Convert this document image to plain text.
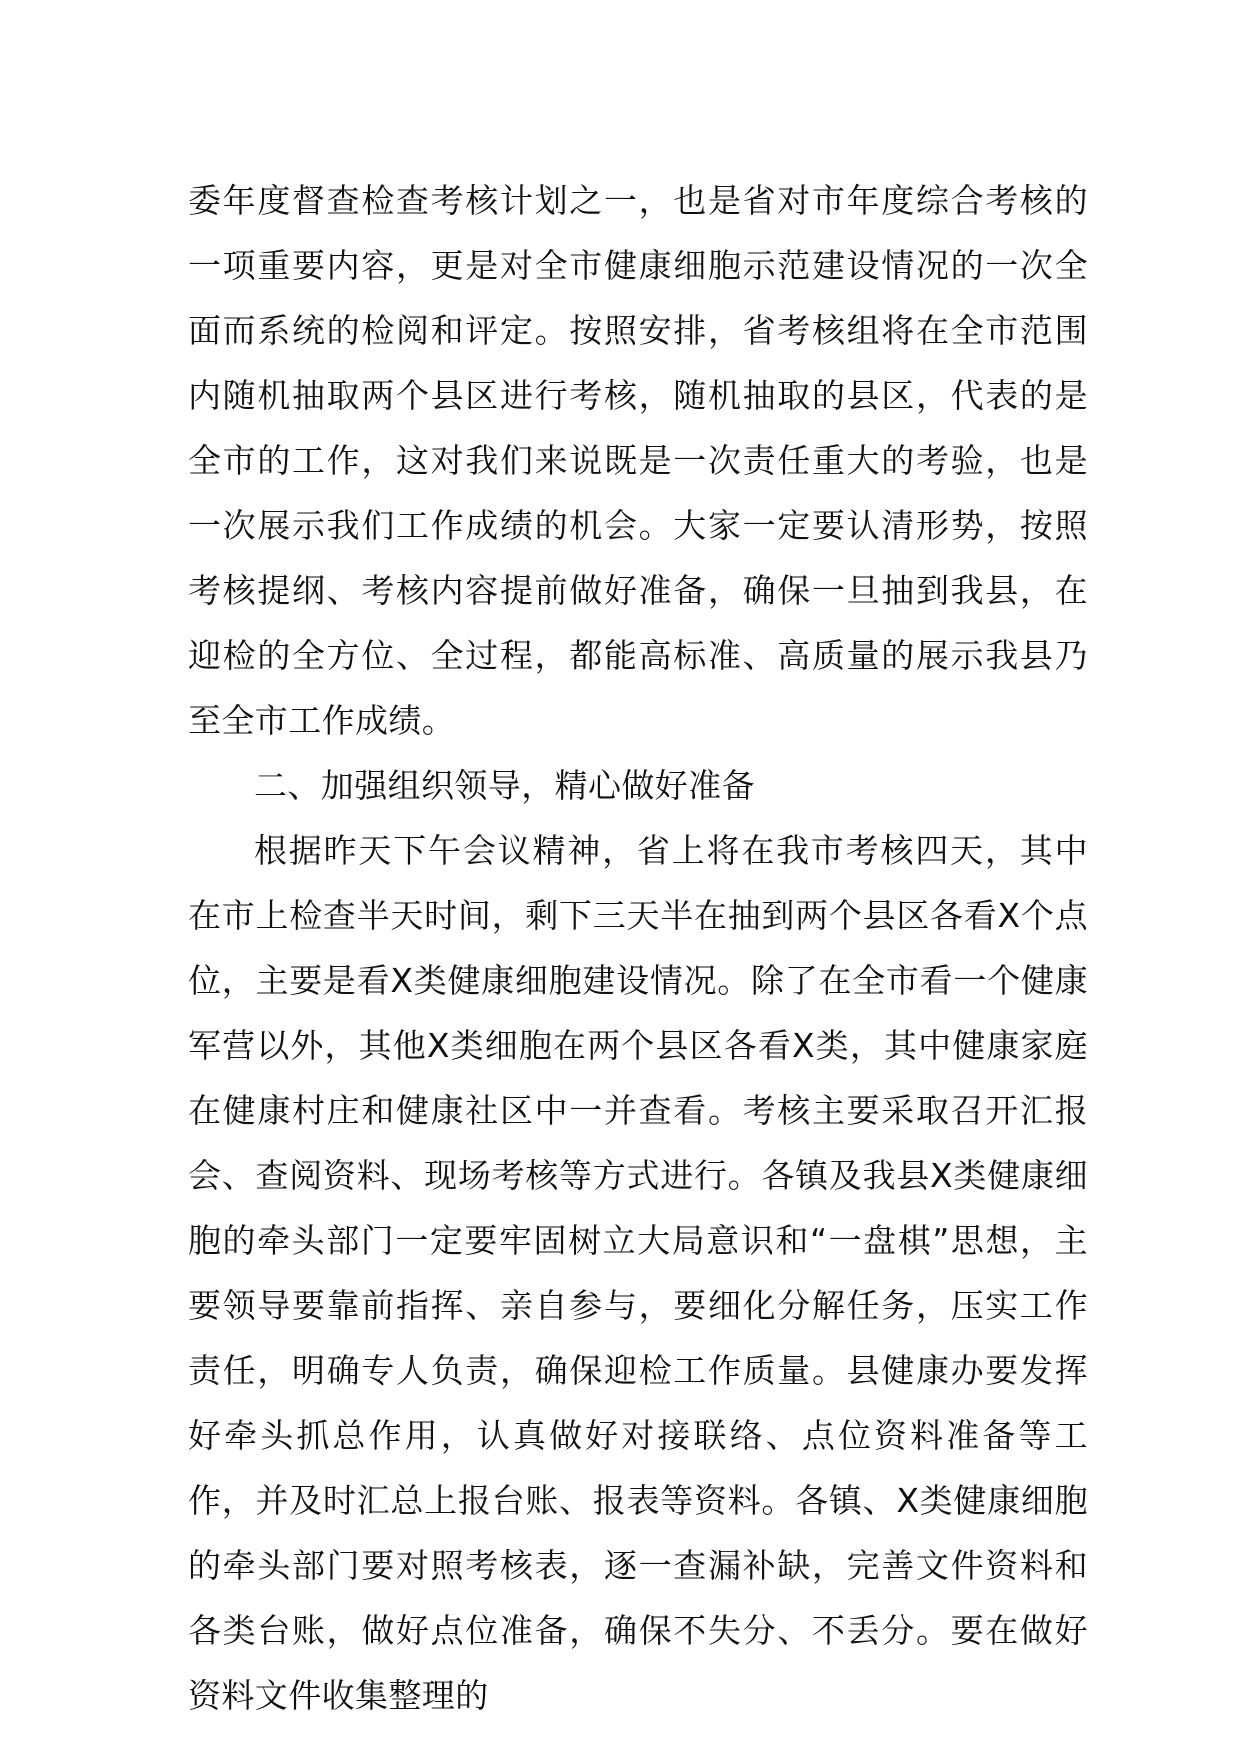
委年度督查检查考核计划之一，也是省对市年度综合考核的一项重要内容，更是对全市健康细胞示范建设情况的一次全面而系统的检阅和评定。按照安排，省考核组将在全市范围内随机抽取两个县区进行考核，随机抽取的县区，代表的是全市的工作，这对我们来说既是一次责任重大的考验，也是一次展示我们工作成绩的机会。大家一定要认清形势，按照考核提纲、考核内容提前做好准备，确保一旦抽到我县，在迎检的全方位、全过程，都能高标准、高质量的展示我县乃至全市工作成绩。

二、加强组织领导，精心做好准备

根据昨天下午会议精神，省上将在我市考核四天，其中在市上检查半天时间，剩下三天半在抽到两个县区各看X个点位，主要是看X类健康细胞建设情况。除了在全市看一个健康军营以外，其他X类细胞在两个县区各看X类，其中健康家庭在健康村庄和健康社区中一并查看。考核主要采取召开汇报会、查阅资料、现场考核等方式进行。各镇及我县X类健康细胞的牵头部门一定要牢固树立大局意识和“一盘棋”思想，主要领导要靠前指挥、亲自参与，要细化分解任务，压实工作责任，明确专人负责，确保迎检工作质量。县健康办要发挥好牵头抓总作用，认真做好对接联络、点位资料准备等工作，并及时汇总上报台账、报表等资料。各镇、X类健康细胞的牵头部门要对照考核表，逐一查漏补缺，完善文件资料和各类台账，做好点位准备，确保不失分、不丢分。要在做好资料文件收集整理的
